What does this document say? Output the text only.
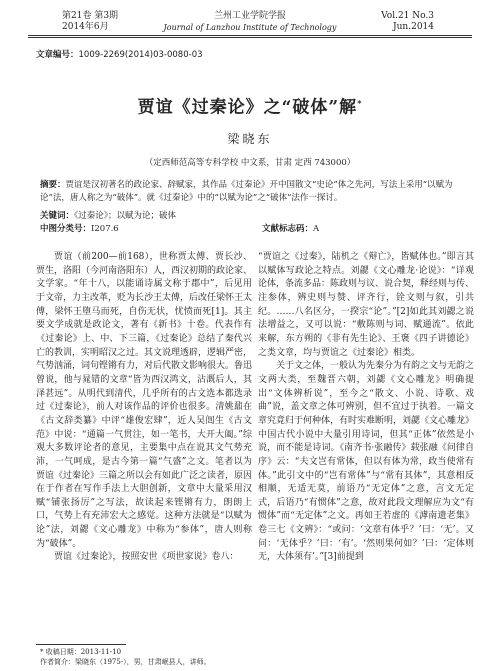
第21卷 第3期
2014年6月
兰州工业学院学报
Journal of Lanzhou Institute of Technology
Vol.21 No.3
Jun.2014
文章编号：1009-2269(2014)03-0080-03
贾谊《过秦论》之“破体”解*
梁晓东
（定西师范高等专科学校 中文系，甘肃 定西 743000）
摘要：贾谊是汉初著名的政论家、辞赋家，其作品《过秦论》开中国散文“史论”体之先河，写法上采用“以赋为论”法，唐人称之为“破体”。就《过秦论》中的“以赋为论”之“破体”法作一探讨。
关键词：《过秦论》；以赋为论；破体
中图分类号：I207.6	文献标志码：A

贾谊（前200—前168），世称贾太傅、贾长沙、贾生，洛阳（今河南洛阳东）人，西汉初期的政论家、文学家。“年十八，以能诵诗属文称于郡中”，后见用于文帝，力主改革，贬为长沙王太傅，后改任梁怀王太傅，梁怀王堕马而死，自伤无状，忧愤而死[1]。其主要文学成就是政论文，著有《新书》十卷。代表作有《过秦论》上、中、下三篇，《过秦论》总结了秦代兴亡的教训，实明昭汉之过。其文说理透辟，逻辑严密，气势汹涌，词句铿锵有力，对后代散文影响很大。鲁迅曾说，他与晁错的文章“皆为西汉鸿文，沾溉后人，其泽甚远”。从明代到清代，几乎所有的古文选本都选录过《过秦论》，前人对该作品的评价也很多。清姚鼐在《古文辞类纂》中评“雄俊宏肆”，近人吴闿生《古文范》中说：“通篇一气贯注，如一笔书，大开大阖。”综观大多数评论者的意见，主要集中点在说其文气势充沛，一气呵成，是古今第一篇“气盛”之文。笔者以为贾谊《过秦论》三篇之所以会有如此广泛之读者，原因在于作者在写作手法上大胆创新，文章中大量采用汉赋“铺张扬厉”之写法，故读起来铿锵有力，朗朗上口，气势上有充沛宏大之感觉。这种方法就是“以赋为论”法，刘勰《文心雕龙》中称为“参体”，唐人则称为“破体”。

贾谊《过秦论》，按照安世《项世家说》卷八：

“贾谊之《过秦》，陆机之《辩亡》，皆赋体也。”即言其以赋体写政论之特点。刘勰《文心雕龙·论说》：“详观论体，条流多品：陈政则与议、说合契，释经则与传、注参体，辨史则与赞、评齐行，铨文则与叙，引共纪。……八名区分，一揆宗“论”。”[2]如此其刘勰之说法增益之，又可以说：“敷陈则与词、赋通流”。依此来解，东方朔的《非有先生论》、王褒《四子讲德论》之类文章，均与贾谊之《过秦论》相类。

关于文之体，一般认为先秦分为有韵之文与无韵之文两大类，至魏晋六朝，刘勰《文心雕龙》明确提出“文体辨析说”，至今之“散文、小说、诗歌、戏曲”说，盖文章之体可辨别，但不宜过于执着。一篇文章究竟归于何种体，有时实难断明，刘勰《文心雕龙》中国古代小说中大量引用诗词，但其“正体”依然是小说，而不能是诗词。《南齐书·张融传》载张融《问律自序》云：“夫文岂有常体，但以有体为常，政当使常有体。”此引文中的“岂有常体”与“常有其体”，其意相反相顺，无适无莫，前语乃“无定体”之意，言文无定式，后语乃“有惯体”之意，故对此段文理解应为文“有惯体”而“无定体”之文。再如王若虚的《滹南遗老集》卷三七《文辨》：“或问：‘文章有体乎？’曰：‘无’。又问：‘无体乎？’曰：‘有’。‘然则果何如？’曰：‘定体则无，大体须有’。”[3]前提到

* 收稿日期：2013-11-10
作者简介：梁晓东（1975-），男，甘肃岷县人，讲师。
